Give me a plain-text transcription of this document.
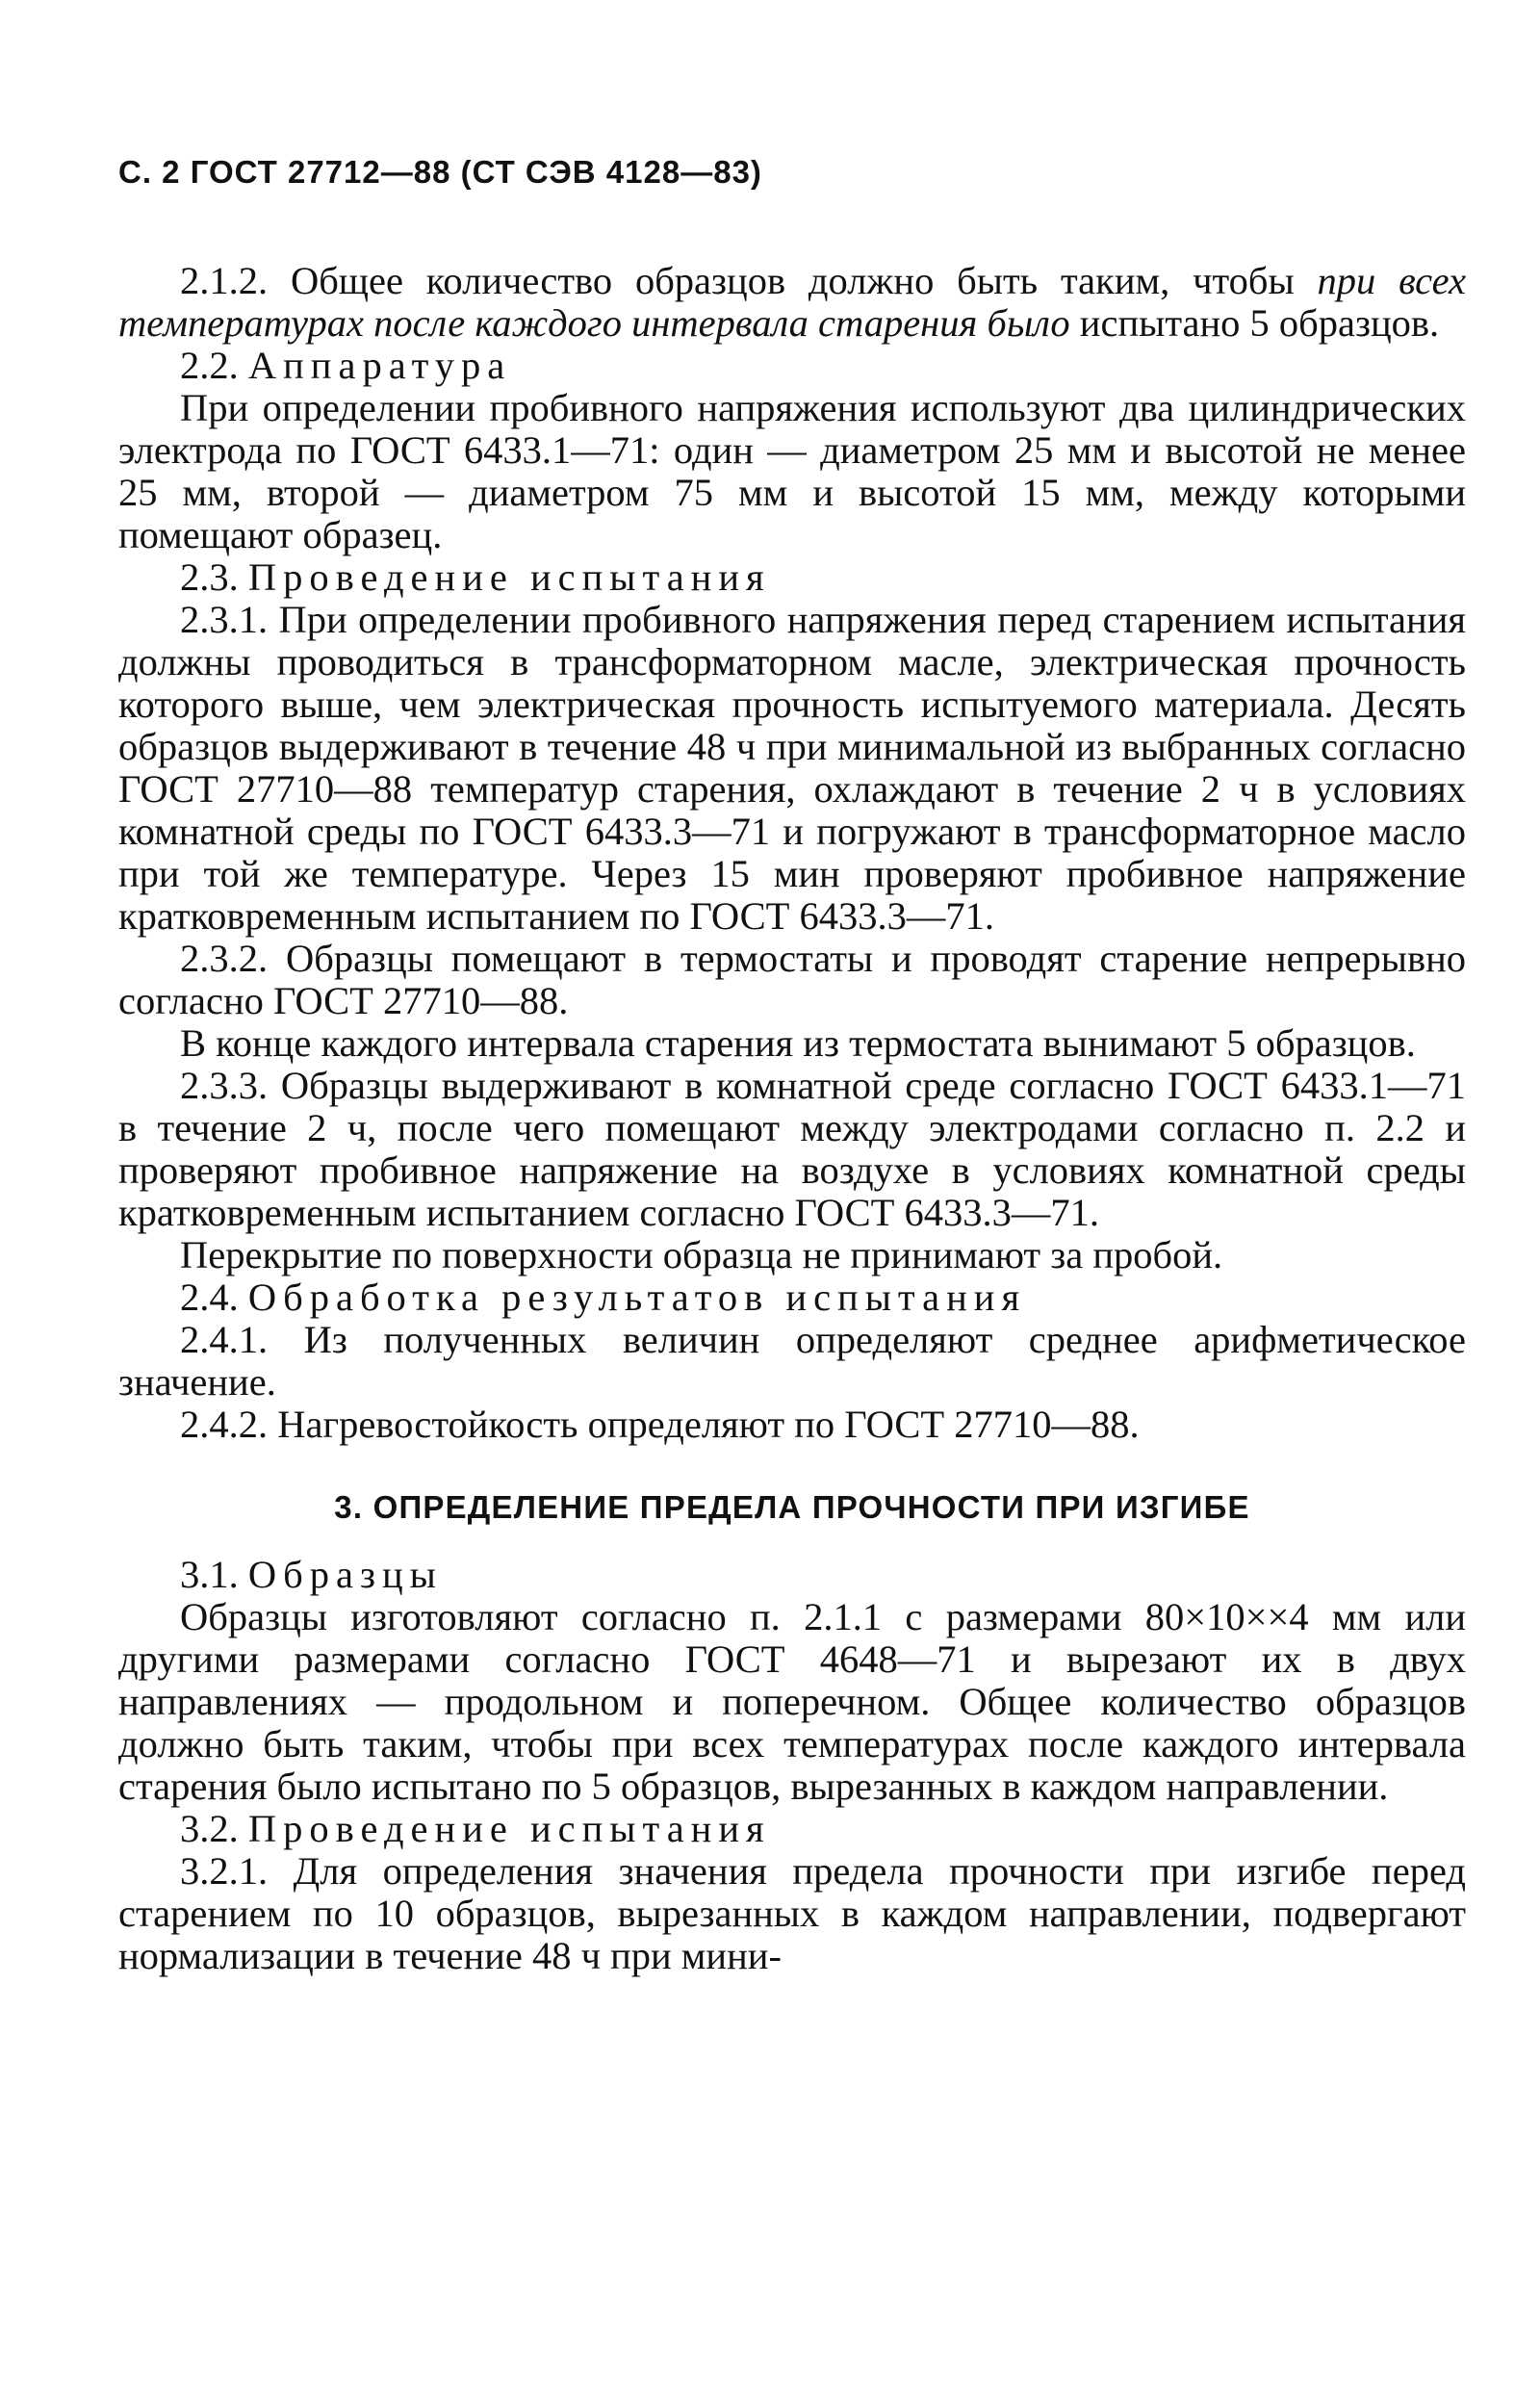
С. 2 ГОСТ 27712—88 (СТ СЭВ 4128—83)

2.1.2. Общее количество образцов должно быть таким, чтобы при всех температурах после каждого интервала старения было испытано 5 образцов.

2.2. Аппаратура

При определении пробивного напряжения используют два цилиндрических электрода по ГОСТ 6433.1—71: один — диаметром 25 мм и высотой не менее 25 мм, второй — диаметром 75 мм и высотой 15 мм, между которыми помещают образец.

2.3. Проведение испытания

2.3.1. При определении пробивного напряжения перед старением испытания должны проводиться в трансформаторном масле, электрическая прочность которого выше, чем электрическая прочность испытуемого материала. Десять образцов выдерживают в течение 48 ч при минимальной из выбранных согласно ГОСТ 27710—88 температур старения, охлаждают в течение 2 ч в условиях комнатной среды по ГОСТ 6433.3—71 и погружают в трансформаторное масло при той же температуре. Через 15 мин проверяют пробивное напряжение кратковременным испытанием по ГОСТ 6433.3—71.

2.3.2. Образцы помещают в термостаты и проводят старение непрерывно согласно ГОСТ 27710—88.

В конце каждого интервала старения из термостата вынимают 5 образцов.

2.3.3. Образцы выдерживают в комнатной среде согласно ГОСТ 6433.1—71 в течение 2 ч, после чего помещают между электродами согласно п. 2.2 и проверяют пробивное напряжение на воздухе в условиях комнатной среды кратковременным испытанием согласно ГОСТ 6433.3—71.

Перекрытие по поверхности образца не принимают за пробой.

2.4. Обработка результатов испытания

2.4.1. Из полученных величин определяют среднее арифметическое значение.

2.4.2. Нагревостойкость определяют по ГОСТ 27710—88.

3. ОПРЕДЕЛЕНИЕ ПРЕДЕЛА ПРОЧНОСТИ ПРИ ИЗГИБЕ

3.1. Образцы

Образцы изготовляют согласно п. 2.1.1 с размерами 80×10××4 мм или другими размерами согласно ГОСТ 4648—71 и вырезают их в двух направлениях — продольном и поперечном. Общее количество образцов должно быть таким, чтобы при всех температурах после каждого интервала старения было испытано по 5 образцов, вырезанных в каждом направлении.

3.2. Проведение испытания

3.2.1. Для определения значения предела прочности при изгибе перед старением по 10 образцов, вырезанных в каждом направлении, подвергают нормализации в течение 48 ч при мини-
